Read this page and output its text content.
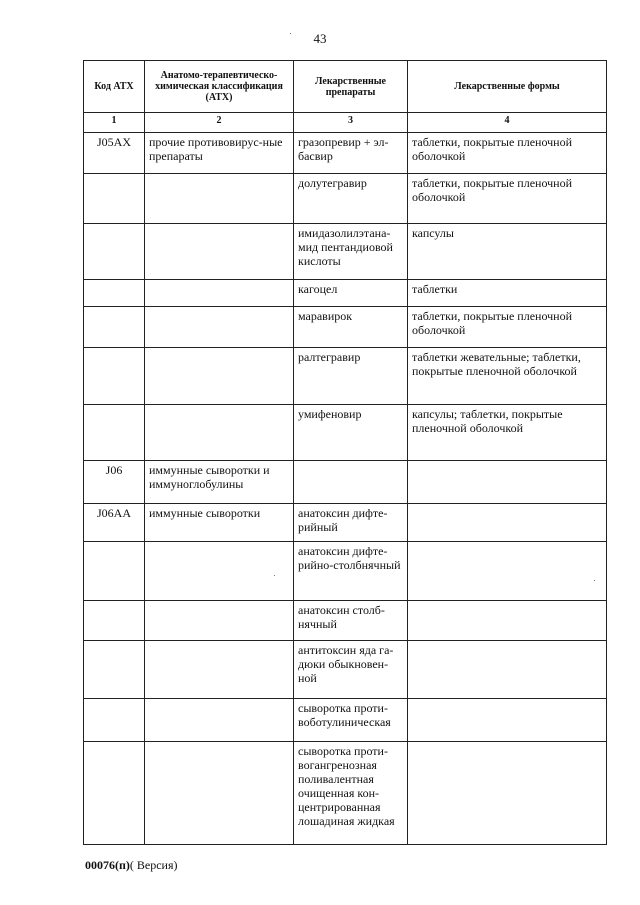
43
Код АТХ	Анатомо-терапевтическо-химическая классификация (АТХ)	Лекарственные препараты	Лекарственные формы
1	2	3	4
J05AX	прочие противовирус-ные препараты	гразопревир + эл-басвир	таблетки, покрытые пленочной оболочкой
		долутегравир	таблетки, покрытые пленочной оболочкой
		имидазолилэтана-мид пентандиовой кислоты	капсулы
		кагоцел	таблетки
		маравирок	таблетки, покрытые пленочной оболочкой
		ралтегравир	таблетки жевательные; таблетки, покрытые пленочной оболочкой
		умифеновир	капсулы; таблетки, покрытые пленочной оболочкой
J06	иммунные сыворотки и иммуноглобулины		
J06AA	иммунные сыворотки	анатоксин дифте-рийный	
		анатоксин дифте-рийно-столбнячный	
		анатоксин столб-нячный	
		антитоксин яда га-дюки обыкновен-ной	
		сыворотка проти-воботулиническая	
		сыворотка проти-вогангренозная поливалентная очищенная кон-центрированная лошадиная жидкая	
00076(п)( Версия)
